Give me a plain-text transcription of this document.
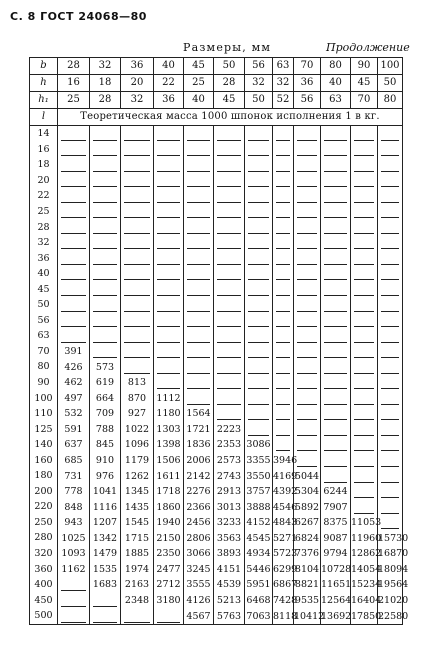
С. 8 ГОСТ 24068—80
Размеры, мм	Продолжение
b	28	32	36	40	45	50	56	63	70	80	90	100
h	16	18	20	22	25	28	32	32	36	40	45	50
h₁	25	28	32	36	40	45	50	52	56	63	70	80
l	Теоретическая масса 1000 шпонок исполнения 1 в кг.											
14	

16	

18	

20	

22	

25	

28	

32	

36	

40	

45	

50	

56	

63	

70	391											

80	426	573										

90	462	619	813									

100	497	664	870	1112								

110	532	709	927	1180	1564							

125	591	788	1022	1303	1721	2223						

140	637	845	1096	1398	1836	2353	3086					

160	685	910	1179	1506	2006	2573	3355	3946				

180	731	976	1262	1611	2142	2743	3550	4169	5044			

200	778	1041	1345	1718	2276	2913	3757	4392	5304	6244		

220	848	1116	1435	1860	2366	3013	3888	4546	5892	7907		

250	943	1207	1545	1940	2456	3233	4152	4843	6267	8375	11053	

280	1025	1342	1715	2150	2806	3563	4545	5271	6824	9087	11960	15730

320	1093	1479	1885	2350	3066	3893	4934	5723	7376	9794	12862	16870

360	1162	1535	1974	2477	3245	4151	5446	6299	8104	10728	14054	18094

400		1683	2163	2712	3555	4539	5951	6867	8821	11651	15234	19564

450			2348	3180	4126	5213	6468	7428	9535	12564	16404	21020

500					4567	5763	7063	8118	10412	13692	17850	22580
